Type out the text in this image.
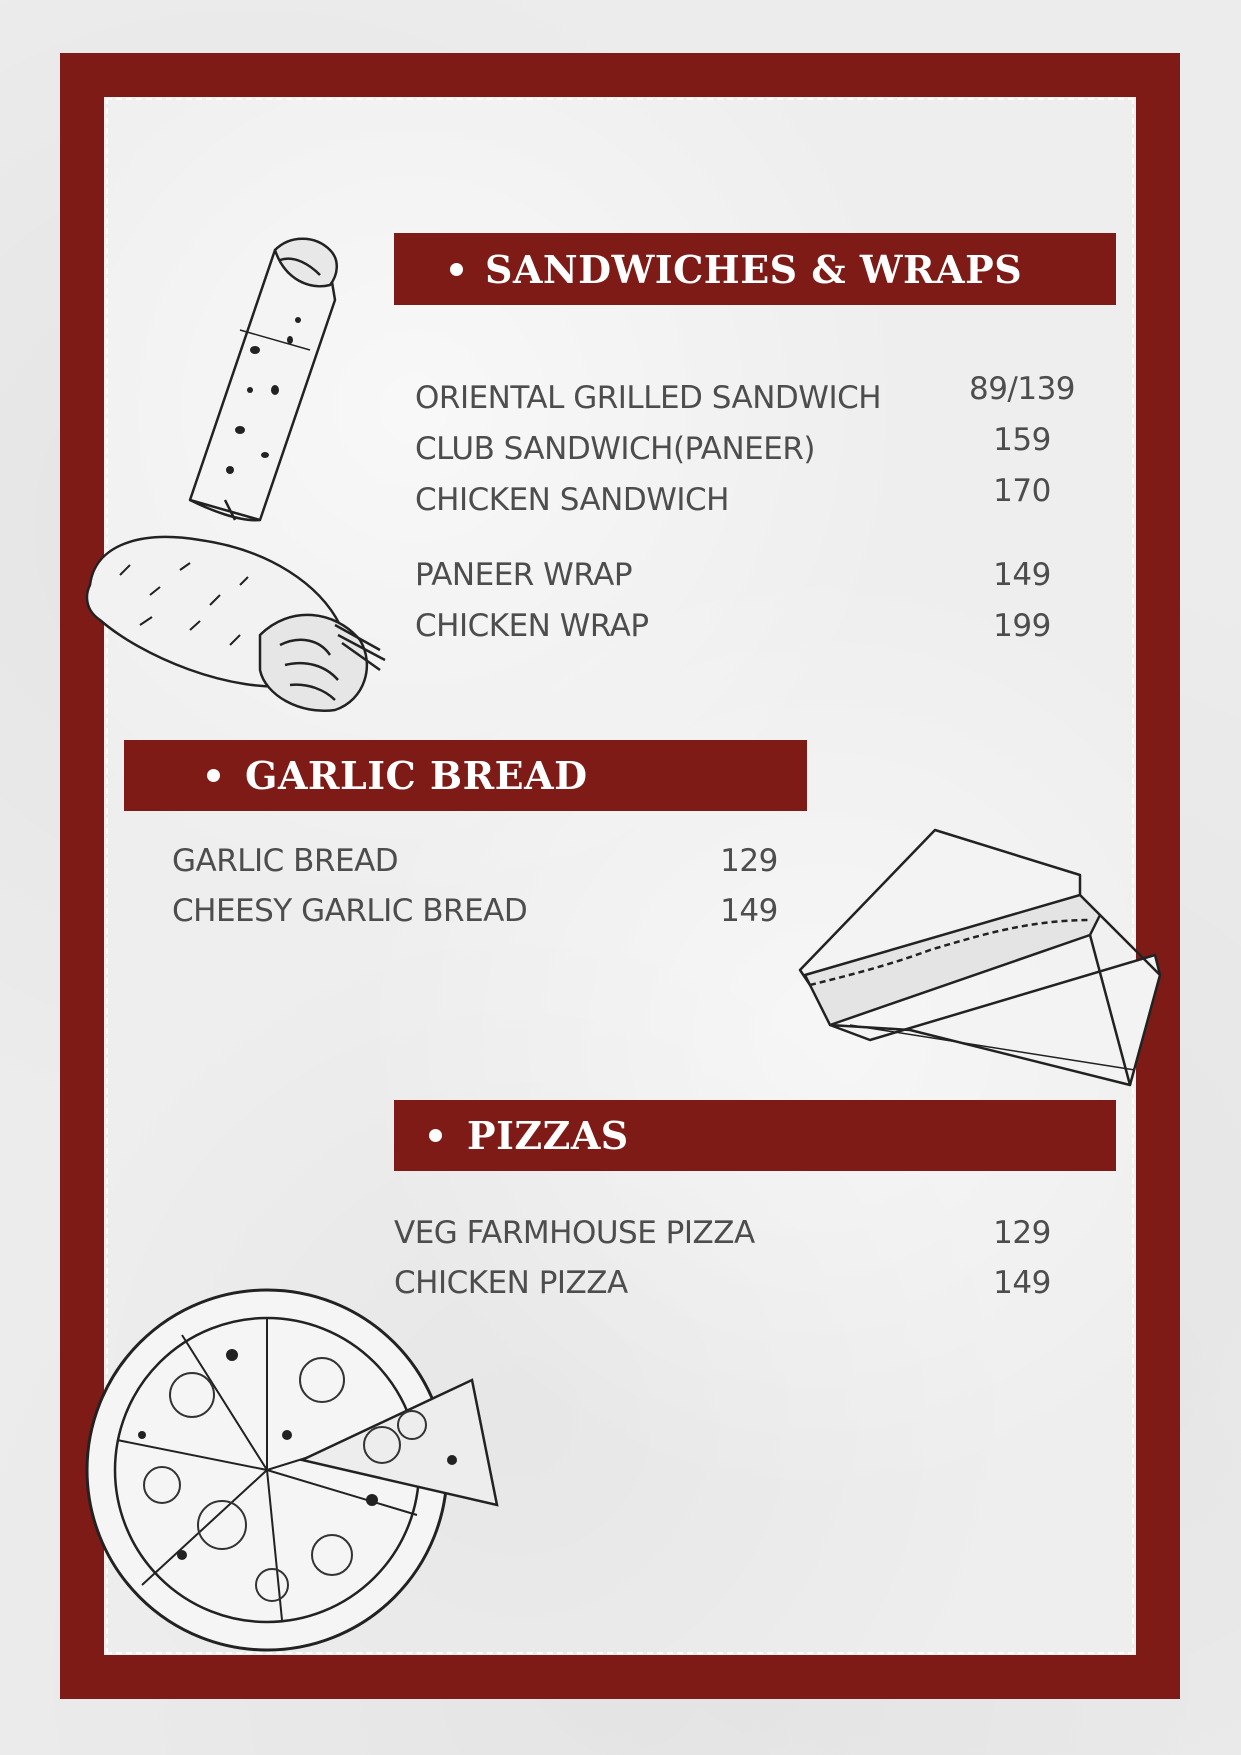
SANDWICHES & WRAPS
ORIENTAL GRILLED SANDWICH	89/139
CLUB SANDWICH(PANEER)	159
CHICKEN SANDWICH	170
PANEER WRAP	149
CHICKEN WRAP	199
GARLIC BREAD
GARLIC BREAD	129
CHEESY GARLIC BREAD	149
PIZZAS
VEG FARMHOUSE PIZZA	129
CHICKEN PIZZA	149
